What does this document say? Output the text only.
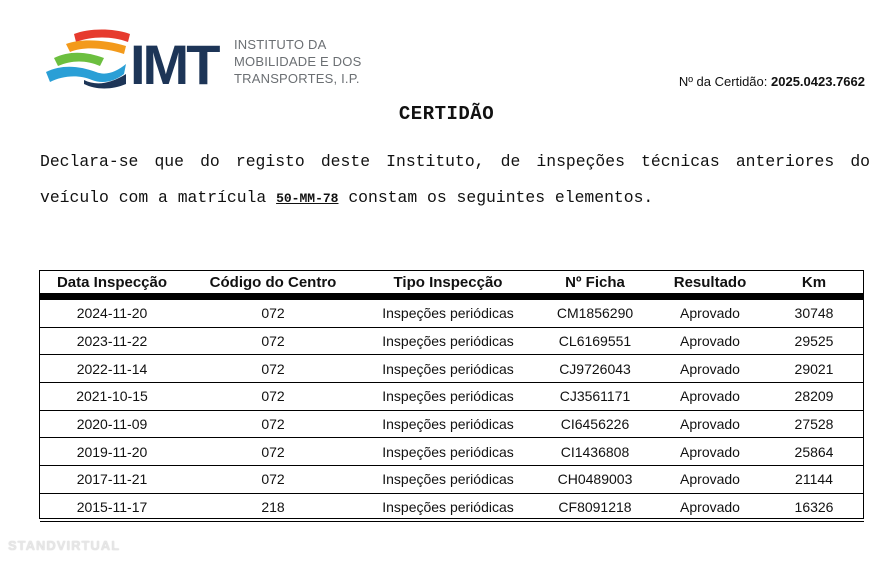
IMT INSTITUTO DA
MOBILIDADE E DOS
TRANSPORTES, I.P.	Nº da Certidão: 2025.0423.7662
CERTIDÃO
Declara-se que do registo deste Instituto, de inspeções técnicas anteriores do veículo com a matrícula 50-MM-78 constam os seguintes elementos.
Data Inspecção	Código do Centro	Tipo Inspecção	Nº Ficha	Resultado	Km

2024-11-20	072	Inspeções periódicas	CM1856290	Aprovado	30748
2023-11-22	072	Inspeções periódicas	CL6169551	Aprovado	29525
2022-11-14	072	Inspeções periódicas	CJ9726043	Aprovado	29021
2021-10-15	072	Inspeções periódicas	CJ3561171	Aprovado	28209
2020-11-09	072	Inspeções periódicas	CI6456226	Aprovado	27528
2019-11-20	072	Inspeções periódicas	CI1436808	Aprovado	25864
2017-11-21	072	Inspeções periódicas	CH0489003	Aprovado	21144
2015-11-17	218	Inspeções periódicas	CF8091218	Aprovado	16326
STANDVIRTUAL
